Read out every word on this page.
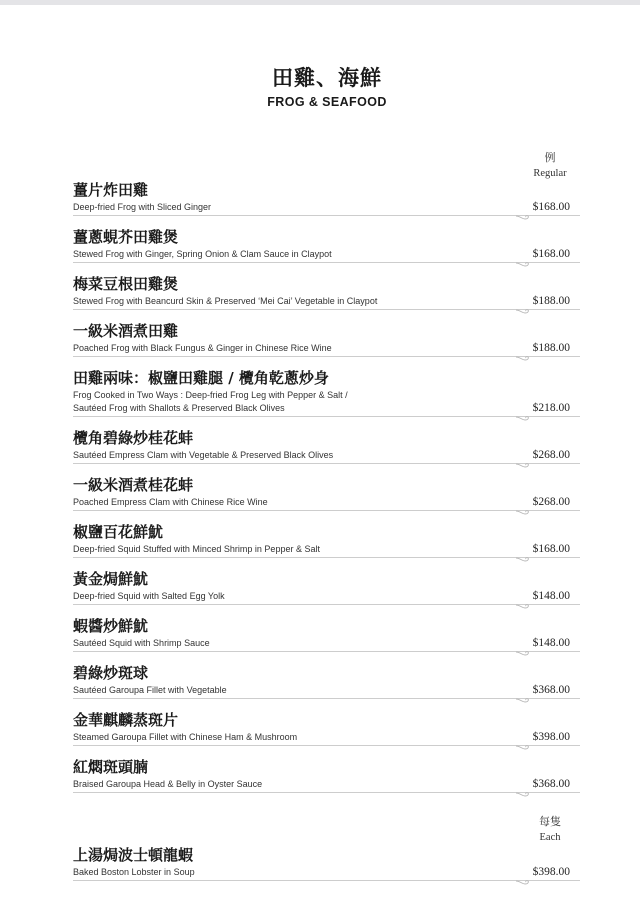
田雞、海鮮
FROG & SEAFOOD
例
Regular
薑片炸田雞
Deep-fried Frog with Sliced Ginger	$168.00
薑蔥蜆芥田雞煲
Stewed Frog with Ginger, Spring Onion & Clam Sauce in Claypot	$168.00
梅菜豆根田雞煲
Stewed Frog with Beancurd Skin & Preserved ‘Mei Cai’ Vegetable in Claypot	$188.00
一級米酒煮田雞
Poached Frog with Black Fungus & Ginger in Chinese Rice Wine	$188.00
田雞兩味：椒鹽田雞腿 / 欖角乾蔥炒身
Frog Cooked in Two Ways : Deep-fried Frog Leg with Pepper & Salt /
Sautéed Frog with Shallots & Preserved Black Olives	$218.00
欖角碧綠炒桂花蚌
Sautéed Empress Clam with Vegetable & Preserved Black Olives	$268.00
一級米酒煮桂花蚌
Poached Empress Clam with Chinese Rice Wine	$268.00
椒鹽百花鮮魷
Deep-fried Squid Stuffed with Minced Shrimp in Pepper & Salt	$168.00
黃金焗鮮魷
Deep-fried Squid with Salted Egg Yolk	$148.00
蝦醬炒鮮魷
Sautéed Squid with Shrimp Sauce	$148.00
碧綠炒斑球
Sautéed Garoupa Fillet with Vegetable	$368.00
金華麒麟蒸斑片
Steamed Garoupa Fillet with Chinese Ham & Mushroom	$398.00
紅燜斑頭腩
Braised Garoupa Head & Belly in Oyster Sauce	$368.00
每隻
Each
上湯焗波士頓龍蝦
Baked Boston Lobster in Soup	$398.00
